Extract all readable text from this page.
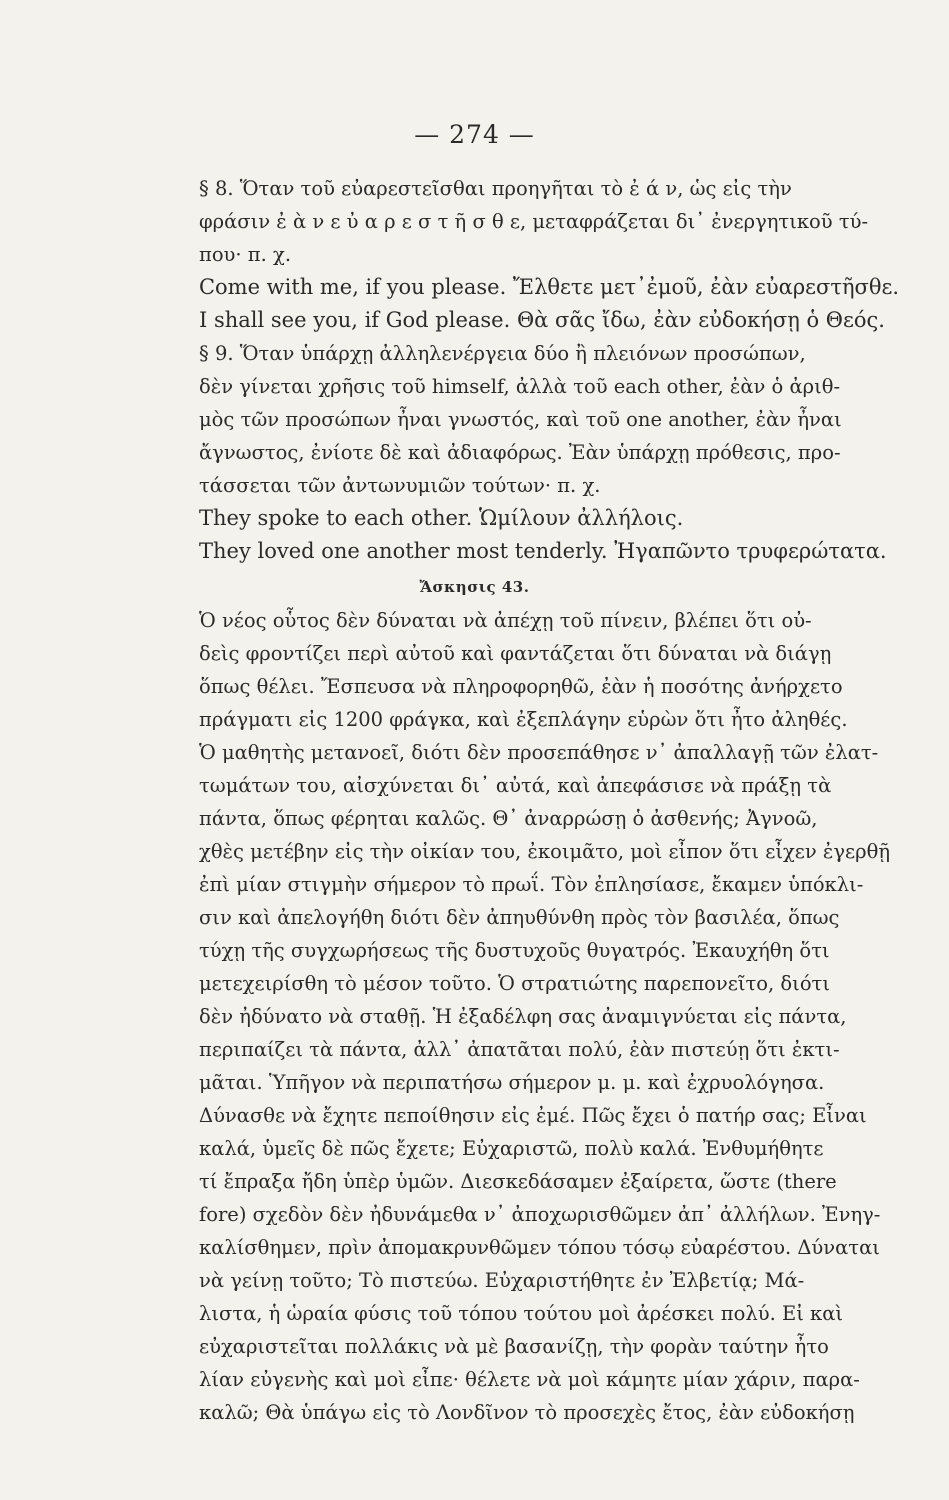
— 274 —
§ 8. Ὅταν τοῦ εὐαρεστεῖσθαι προηγῆται τὸ ἐ ά ν, ὡς εἰς τὴν
φράσιν ἐ ὰ ν ε ὐ α ρ ε σ τ ῆ σ θ ε, μεταφράζεται δι᾿ ἐνεργητικοῦ τύ-
που· π. χ.
Come with me, if you please. Ἔλθετε μετ᾿ἐμοῦ, ἐὰν εὐαρεστῆσθε.
I shall see you, if God please. Θὰ σᾶς ἴδω, ἐὰν εὐδοκήσῃ ὁ Θεός.
§ 9. Ὅταν ὑπάρχῃ ἀλληλενέργεια δύο ἢ πλειόνων προσώπων,
δὲν γίνεται χρῆσις τοῦ himself, ἀλλὰ τοῦ each other, ἐὰν ὁ ἀριθ-
μὸς τῶν προσώπων ἦναι γνωστός, καὶ τοῦ one another, ἐὰν ἦναι
ἄγνωστος, ἐνίοτε δὲ καὶ ἀδιαφόρως. Ἐὰν ὑπάρχῃ πρόθεσις, προ-
τάσσεται τῶν ἀντωνυμιῶν τούτων· π. χ.
They spoke to each other. Ὡμίλουν ἀλλήλοις.
They loved one another most tenderly. Ἠγαπῶντο τρυφερώτατα.
Ἄσκησις 43.
Ὁ νέος οὗτος δὲν δύναται νὰ ἀπέχῃ τοῦ πίνειν, βλέπει ὅτι οὐ-
δεὶς φροντίζει περὶ αὐτοῦ καὶ φαντάζεται ὅτι δύναται νὰ διάγῃ
ὅπως θέλει. Ἔσπευσα νὰ πληροφορηθῶ, ἐὰν ἡ ποσότης ἀνήρχετο
πράγματι εἰς 1200 φράγκα, καὶ ἐξεπλάγην εὑρὼν ὅτι ἦτο ἀληθές.
Ὁ μαθητὴς μετανοεῖ, διότι δὲν προσεπάθησε ν᾿ ἀπαλλαγῇ τῶν ἐλατ-
τωμάτων του, αἰσχύνεται δι᾿ αὐτά, καὶ ἀπεφάσισε νὰ πράξῃ τὰ
πάντα, ὅπως φέρηται καλῶς. Θ᾿ ἀναρρώσῃ ὁ ἀσθενής; Ἀγνοῶ,
χθὲς μετέβην εἰς τὴν οἰκίαν του, ἐκοιμᾶτο, μοὶ εἶπον ὅτι εἶχεν ἐγερθῇ
ἐπὶ μίαν στιγμὴν σήμερον τὸ πρωΐ. Τὸν ἐπλησίασε, ἔκαμεν ὑπόκλι-
σιν καὶ ἀπελογήθη διότι δὲν ἀπηυθύνθη πρὸς τὸν βασιλέα, ὅπως
τύχῃ τῆς συγχωρήσεως τῆς δυστυχοῦς θυγατρός. Ἐκαυχήθη ὅτι
μετεχειρίσθη τὸ μέσον τοῦτο. Ὁ στρατιώτης παρεπονεῖτο, διότι
δὲν ἠδύνατο νὰ σταθῇ. Ἡ ἐξαδέλφη σας ἀναμιγνύεται εἰς πάντα,
περιπαίζει τὰ πάντα, ἀλλ᾿ ἀπατᾶται πολύ, ἐὰν πιστεύῃ ὅτι ἐκτι-
μᾶται. Ὑπῆγον νὰ περιπατήσω σήμερον μ. μ. καὶ ἐχρυολόγησα.
Δύνασθε νὰ ἔχητε πεποίθησιν εἰς ἐμέ. Πῶς ἔχει ὁ πατήρ σας; Εἶναι
καλά, ὑμεῖς δὲ πῶς ἔχετε; Εὐχαριστῶ, πολὺ καλά. Ἐνθυμήθητε
τί ἔπραξα ἤδη ὑπὲρ ὑμῶν. Διεσκεδάσαμεν ἐξαίρετα, ὥστε (there
fore) σχεδὸν δὲν ἠδυνάμεθα ν᾿ ἀποχωρισθῶμεν ἀπ᾿ ἀλλήλων. Ἐνηγ-
καλίσθημεν, πρὶν ἀπομακρυνθῶμεν τόπου τόσῳ εὐαρέστου. Δύναται
νὰ γείνῃ τοῦτο; Τὸ πιστεύω. Εὐχαριστήθητε ἐν Ἐλβετίᾳ; Μά-
λιστα, ἡ ὡραία φύσις τοῦ τόπου τούτου μοὶ ἀρέσκει πολύ. Εἰ καὶ
εὐχαριστεῖται πολλάκις νὰ μὲ βασανίζῃ, τὴν φορὰν ταύτην ἦτο
λίαν εὐγενὴς καὶ μοὶ εἶπε· θέλετε νὰ μοὶ κάμητε μίαν χάριν, παρα-
καλῶ; Θὰ ὑπάγω εἰς τὸ Λονδῖνον τὸ προσεχὲς ἔτος, ἐὰν εὐδοκήσῃ
